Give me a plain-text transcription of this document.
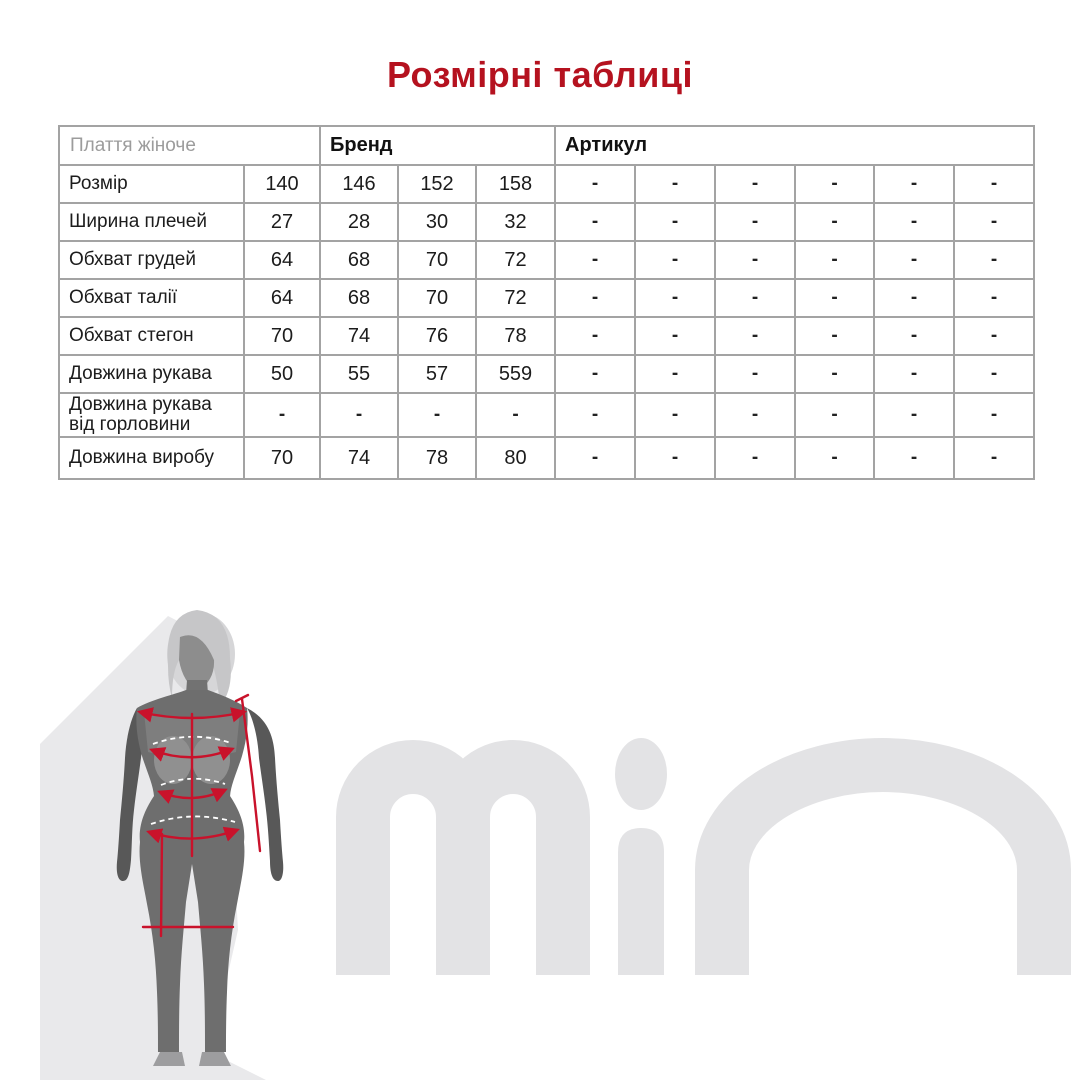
Розмірні таблиці
Плаття жіноче		Бренд			Артикул					
Розмір	140	146	152	158	-	-	-	-	-	-
Ширина плечей	27	28	30	32	-	-	-	-	-	-
Обхват грудей	64	68	70	72	-	-	-	-	-	-
Обхват талії	64	68	70	72	-	-	-	-	-	-
Обхват стегон	70	74	76	78	-	-	-	-	-	-
Довжина рукава	50	55	57	559	-	-	-	-	-	-
Довжина рукава від горловини	-	-	-	-	-	-	-	-	-	-
Довжина виробу	70	74	78	80	-	-	-	-	-	-
